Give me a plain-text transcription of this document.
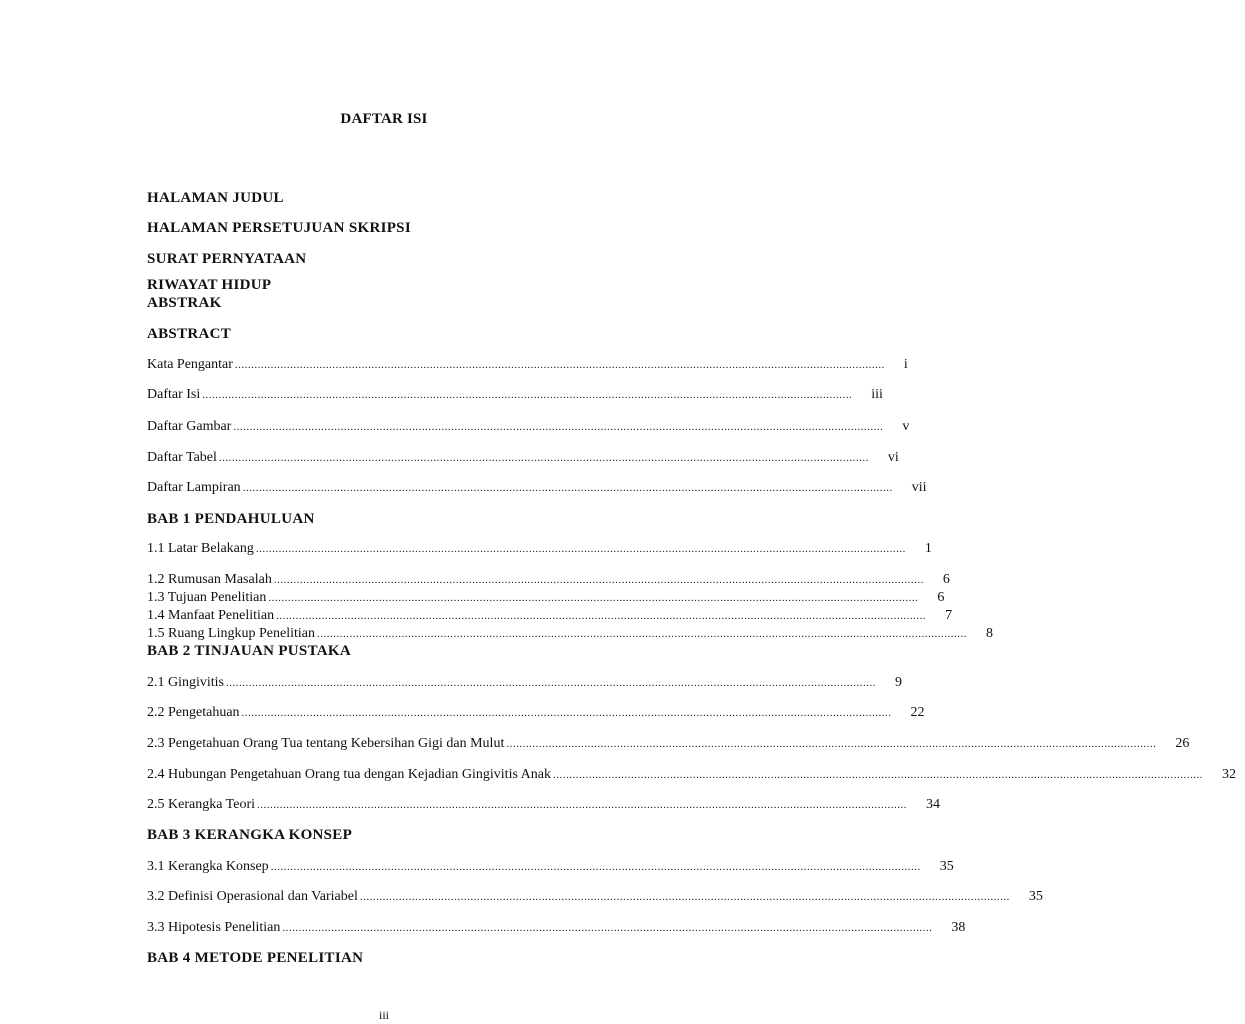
DAFTAR ISI
HALAMAN JUDUL
HALAMAN PERSETUJUAN SKRIPSI
SURAT PERNYATAAN
RIWAYAT HIDUP
ABSTRAK
ABSTRACT
Kata Pengantar ........................................................................................................................................................................................................	i
Daftar Isi ........................................................................................................................................................................................................	iii
Daftar Gambar ........................................................................................................................................................................................................	v
Daftar Tabel ........................................................................................................................................................................................................	vi
Daftar Lampiran ........................................................................................................................................................................................................	vii
BAB 1 PENDAHULUAN
1.1 Latar Belakang ........................................................................................................................................................................................................	1
1.2 Rumusan Masalah ........................................................................................................................................................................................................	6
1.3 Tujuan Penelitian ........................................................................................................................................................................................................	6
1.4 Manfaat Penelitian ........................................................................................................................................................................................................	7
1.5 Ruang Lingkup Penelitian ........................................................................................................................................................................................................	8
BAB 2 TINJAUAN PUSTAKA
2.1 Gingivitis ........................................................................................................................................................................................................	9
2.2 Pengetahuan ........................................................................................................................................................................................................	22
2.3 Pengetahuan Orang Tua tentang Kebersihan Gigi dan Mulut ........................................................................................................................................................................................................	26
2.4 Hubungan Pengetahuan Orang tua dengan Kejadian Gingivitis Anak ........................................................................................................................................................................................................	32
2.5 Kerangka Teori ........................................................................................................................................................................................................	34
BAB 3 KERANGKA KONSEP
3.1 Kerangka Konsep ........................................................................................................................................................................................................	35
3.2 Definisi Operasional dan Variabel ........................................................................................................................................................................................................	35
3.3 Hipotesis Penelitian ........................................................................................................................................................................................................	38
BAB 4 METODE PENELITIAN
iii
